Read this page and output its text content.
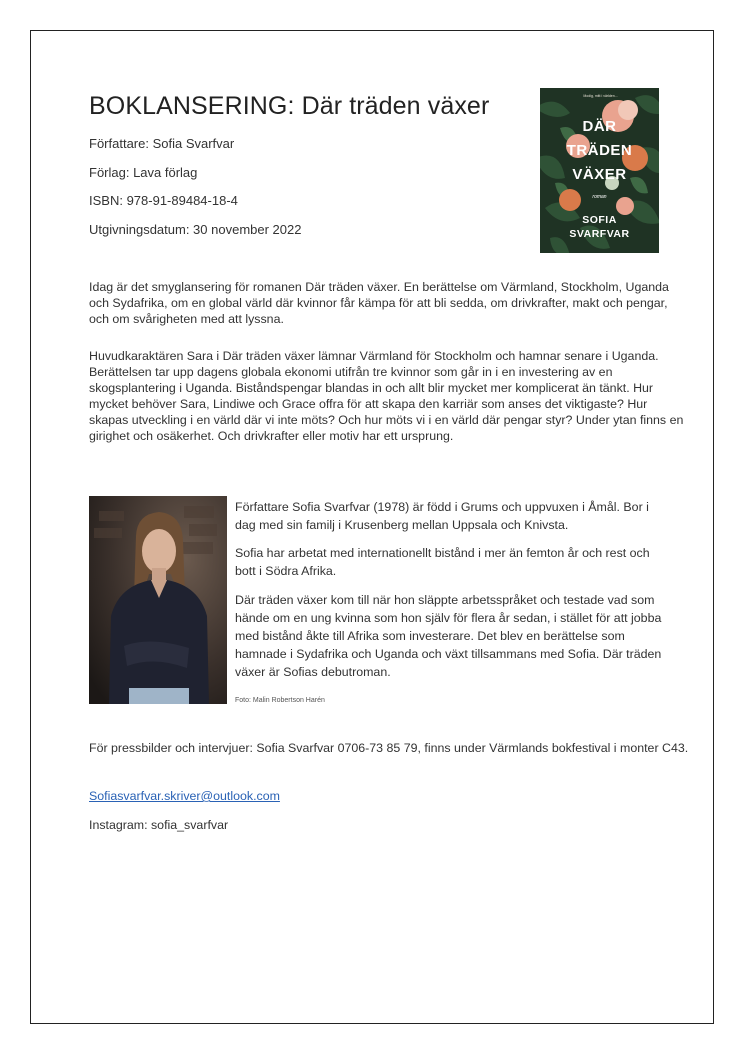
BOKLANSERING: Där träden växer
Författare: Sofia Svarfvar
Förlag: Lava förlag
ISBN: 978-91-89484-18-4
Utgivningsdatum: 30 november 2022
Modig, mitt i världen...
DÄR
TRÄDEN
VÄXER
roman
SOFIA
SVARFVAR

Idag är det smyglansering för romanen Där träden växer. En berättelse om Värmland, Stockholm, Uganda och Sydafrika, om en global värld där kvinnor får kämpa för att bli sedda, om drivkrafter, makt och pengar, och om svårigheten med att lyssna.

Huvudkaraktären Sara i Där träden växer lämnar Värmland för Stockholm och hamnar senare i Uganda. Berättelsen tar upp dagens globala ekonomi utifrån tre kvinnor som går in i en investering av en skogsplantering i Uganda. Biståndspengar blandas in och allt blir mycket mer komplicerat än tänkt. Hur mycket behöver Sara, Lindiwe och Grace offra för att skapa den karriär som anses det viktigaste? Hur skapas utveckling i en värld där vi inte möts? Och hur möts vi i en värld där pengar styr? Under ytan finns en girighet och osäkerhet. Och drivkrafter eller motiv har ett ursprung.

Författare Sofia Svarfvar (1978) är född i Grums och uppvuxen i Åmål. Bor i dag med sin familj i Krusenberg mellan Uppsala och Knivsta.

Sofia har arbetat med internationellt bistånd i mer än femton år och rest och bott i Södra Afrika.

Där träden växer kom till när hon släppte arbetsspråket och testade vad som hände om en ung kvinna som hon själv för flera år sedan, i stället för att jobba med bistånd åkte till Afrika som investerare. Det blev en berättelse som hamnade i Sydafrika och Uganda och växt tillsammans med Sofia. Där träden växer är Sofias debutroman.

Foto: Malin Robertson Harén

För pressbilder och intervjuer: Sofia Svarfvar 0706-73 85 79, finns under Värmlands bokfestival i monter C43.

Sofiasvarfvar.skriver@outlook.com
Instagram: sofia_svarfvar
